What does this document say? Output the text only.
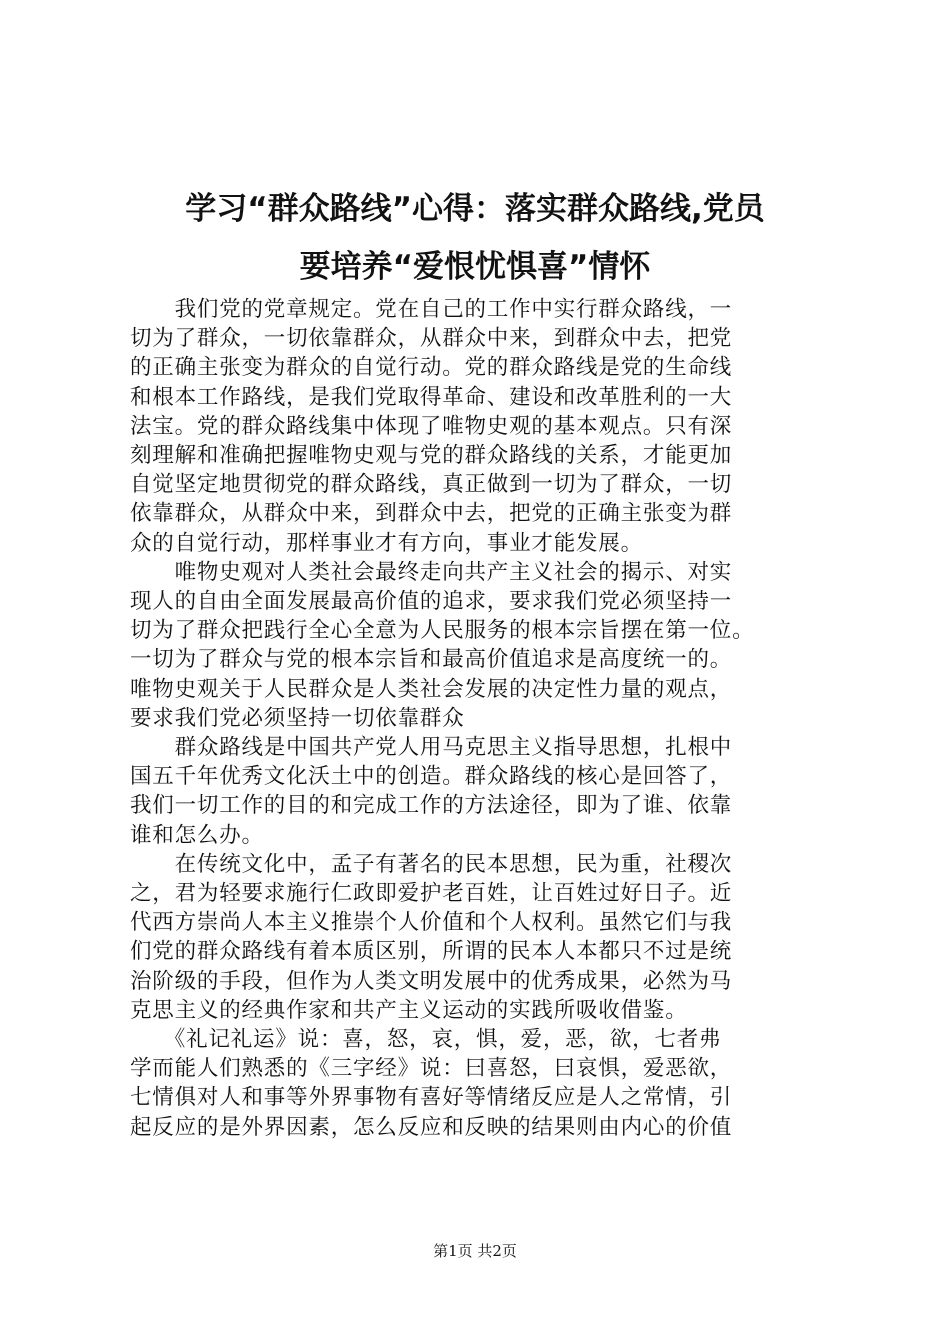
学习“群众路线”心得：落实群众路线,党员
要培养“爱恨忧惧喜”情怀
　　我们党的党章规定。党在自己的工作中实行群众路线，一
切为了群众，一切依靠群众，从群众中来，到群众中去，把党
的正确主张变为群众的自觉行动。党的群众路线是党的生命线
和根本工作路线，是我们党取得革命、建设和改革胜利的一大
法宝。党的群众路线集中体现了唯物史观的基本观点。只有深
刻理解和准确把握唯物史观与党的群众路线的关系，才能更加
自觉坚定地贯彻党的群众路线，真正做到一切为了群众，一切
依靠群众，从群众中来，到群众中去，把党的正确主张变为群
众的自觉行动，那样事业才有方向，事业才能发展。
　　唯物史观对人类社会最终走向共产主义社会的揭示、对实
现人的自由全面发展最高价值的追求，要求我们党必须坚持一
切为了群众把践行全心全意为人民服务的根本宗旨摆在第一位。
一切为了群众与党的根本宗旨和最高价值追求是高度统一的。
唯物史观关于人民群众是人类社会发展的决定性力量的观点，
要求我们党必须坚持一切依靠群众
　　群众路线是中国共产党人用马克思主义指导思想，扎根中
国五千年优秀文化沃土中的创造。群众路线的核心是回答了，
我们一切工作的目的和完成工作的方法途径，即为了谁、依靠
谁和怎么办。
　　在传统文化中，孟子有著名的民本思想，民为重，社稷次
之，君为轻要求施行仁政即爱护老百姓，让百姓过好日子。近
代西方崇尚人本主义推崇个人价值和个人权利。虽然它们与我
们党的群众路线有着本质区别，所谓的民本人本都只不过是统
治阶级的手段，但作为人类文明发展中的优秀成果，必然为马
克思主义的经典作家和共产主义运动的实践所吸收借鉴。
　　《礼记礼运》说：喜，怒，哀，惧，爱，恶，欲，七者弗
学而能人们熟悉的《三字经》说：曰喜怒，曰哀惧，爱恶欲，
七情俱对人和事等外界事物有喜好等情绪反应是人之常情，引
起反应的是外界因素，怎么反应和反映的结果则由内心的价值
第1页 共2页
